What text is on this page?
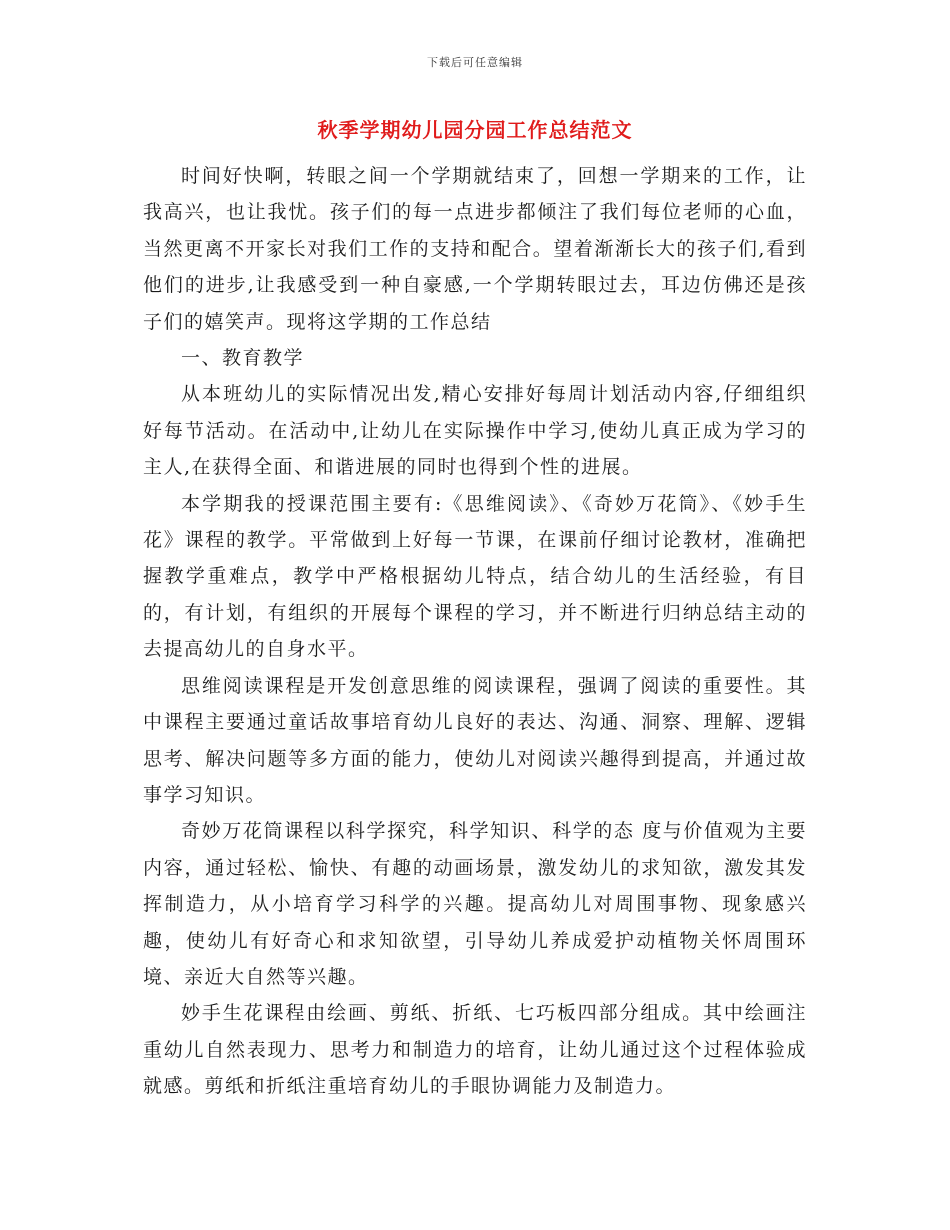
下载后可任意编辑
秋季学期幼儿园分园工作总结范文

时间好快啊，转眼之间一个学期就结束了，回想一学期来的工作，让我高兴，也让我忧。孩子们的每一点进步都倾注了我们每位老师的心血，当然更离不开家长对我们工作的支持和配合。望着渐渐长大的孩子们,看到他们的进步,让我感受到一种自豪感,一个学期转眼过去，耳边仿佛还是孩子们的嬉笑声。现将这学期的工作总结

一、教育教学

从本班幼儿的实际情况出发,精心安排好每周计划活动内容,仔细组织好每节活动。在活动中,让幼儿在实际操作中学习,使幼儿真正成为学习的主人,在获得全面、和谐进展的同时也得到个性的进展。

本学期我的授课范围主要有:《思维阅读》、《奇妙万花筒》、《妙手生花》课程的教学。平常做到上好每一节课，在课前仔细讨论教材，准确把握教学重难点，教学中严格根据幼儿特点，结合幼儿的生活经验，有目的，有计划，有组织的开展每个课程的学习，并不断进行归纳总结主动的去提高幼儿的自身水平。

思维阅读课程是开发创意思维的阅读课程，强调了阅读的重要性。其中课程主要通过童话故事培育幼儿良好的表达、沟通、洞察、理解、逻辑思考、解决问题等多方面的能力，使幼儿对阅读兴趣得到提高，并通过故事学习知识。

奇妙万花筒课程以科学探究，科学知识、科学的态 度与价值观为主要内容，通过轻松、愉快、有趣的动画场景，激发幼儿的求知欲，激发其发挥制造力，从小培育学习科学的兴趣。提高幼儿对周围事物、现象感兴趣，使幼儿有好奇心和求知欲望，引导幼儿养成爱护动植物关怀周围环境、亲近大自然等兴趣。

妙手生花课程由绘画、剪纸、折纸、七巧板四部分组成。其中绘画注重幼儿自然表现力、思考力和制造力的培育，让幼儿通过这个过程体验成就感。剪纸和折纸注重培育幼儿的手眼协调能力及制造力。
